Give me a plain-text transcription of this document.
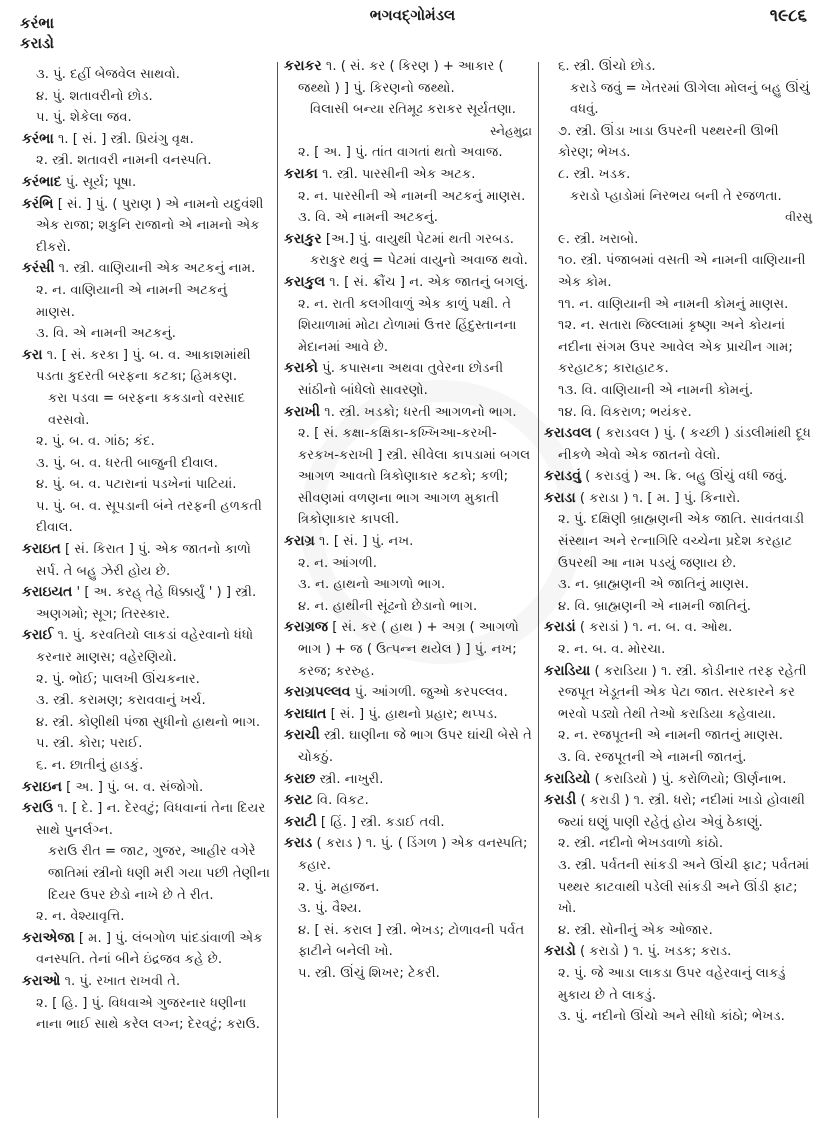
કરંભા
કરાડો
ભગવદ્ગોમંડલ	૧૯૮૬

૩. પું. દહીં બેજવેલ સાથવો.

૪. પું. શતાવરીનો છોડ.

૫. પું. શેકેલા જવ.

કરંભા ૧. [ સં. ] સ્ત્રી. પ્રિયંગુ વૃક્ષ.

૨. સ્ત્રી. શતાવરી નામની વનસ્પતિ.

કરંભાદ પું. સૂર્ય; પૂષા.

કરંભિ [ સં. ] પું. ( પુરાણ ) એ નામનો યદુવંશી એક રાજા; શકુનિ રાજાનો એ નામનો એક દીકરો.

કરંસી ૧. સ્ત્રી. વાણિયાની એક અટકનું નામ.

૨. ન. વાણિયાની એ નામની અટકનું માણસ.

૩. વિ. એ નામની અટકનું.

કરા ૧. [ સં. કરકા ] પું. બ. વ. આકાશમાંથી પડતા કુદરતી બરફના કટકા; હિમકણ.

કરા પડવા = બરફના કકડાનો વરસાદ વરસવો.

૨. પું. બ. વ. ગાંઠ; કંદ.

૩. પું. બ. વ. ધરતી બાજુની દીવાલ.

૪. પું. બ. વ. પટારાનાં પડખેનાં પાટિયાં.

૫. પું. બ. વ. સૂપડાની બંને તરફની હળકતી દીવાલ.

કરાઇત [ સં. કિરાત ] પું. એક જાતનો કાળો સર્પ. તે બહુ ઝેરી હોય છે.

કરાઇયત ' [ અ. કરહ્ તેહે ધિક્કાર્યું ' ) ] સ્ત્રી. અણગમો; સૂગ; તિરસ્કાર.

કરાઈ ૧. પું. કરવતિયો લાકડાં વહેરવાનો ધંધો કરનાર માણસ; વહેરણિયો.

૨. પું. ભોઈ; પાલખી ઊંચકનાર.

૩. સ્ત્રી. કરામણ; કરાવવાનું ખર્ચ.

૪. સ્ત્રી. કોણીથી પંજા સુધીનો હાથનો ભાગ.

૫. સ્ત્રી. કોરા; પરાઈ.

૬. ન. છાતીનું હાડકું.

કરાઇન [ અ. ] પું. બ. વ. સંજોગો.

કરાઉ ૧. [ દે. ] ન. દેરવટું; વિધવાનાં તેના દિયર સાથે પુનર્લગ્ન.

કરાઉ રીત = જાટ, ગુજર, આહીર વગેરે જાતિમાં સ્ત્રીનો ધણી મરી ગયા પછી તેણીના દિયર ઉપર છેડો નાખે છે તે રીત.

૨. ન. વેશ્યાવૃત્તિ.

કરાએજા [ મ. ] પું. લંબગોળ પાંદડાંવાળી એક વનસ્પતિ. તેનાં બીને ઇંદ્રજવ કહે છે.

કરાઓ ૧. પું. રખાત રાખવી તે.

૨. [ હિ. ] પું. વિધવાએ ગુજરનાર ધણીના નાના ભાઈ સાથે કરેલ લગ્ન; દેરવટું; કરાઉ.

કરાકર ૧. ( સં. કર ( કિરણ ) + આકાર ( જથ્થો ) ] પું. કિરણનો જથ્થો.

વિલાસી બન્યા રતિમૂઢ કરાકર સૂર્યતણા.

સ્નેહમુદ્રા

૨. [ અ. ] પું. તાંત વાગતાં થતો અવાજ.

કરાકા ૧. સ્ત્રી. પારસીની એક અટક.

૨. ન. પારસીની એ નામની અટકનું માણસ.

૩. વિ. એ નામની અટકનું.

કરાકુર [અ.] પું. વાયુથી પેટમાં થતી ગરબડ.

કરાકુર થવું = પેટમાં વાયુનો અવાજ થવો.

કરાકુલ ૧. [ સં. ક્રૌંચ ] ન. એક જાતનું બગલું.

૨. ન. રાતી કલગીવાળું એક કાળું પક્ષી. તે શિયાળામાં મોટા ટોળામાં ઉત્તર હિંદુસ્તાનના મેદાનમાં આવે છે.

કરાકો પું. કપાસના અથવા તુવેરના છોડની સાંઠીનો બાંધેલો સાવરણો.

કરાખી ૧. સ્ત્રી. ખડકો; ધરતી આગળનો ભાગ.

૨. [ સં. કક્ષા-કક્ષિકા-કખ્ખિઆ-કરખી-કરકખ-કરાખી ] સ્ત્રી. સીવેલા કાપડામાં બગલ આગળ આવતો ત્રિકોણાકાર કટકો; કળી; સીવણમાં વળણના ભાગ આગળ મુકાતી ત્રિકોણાકાર કાપલી.

કરાગ્ર ૧. [ સં. ] પું. નખ.

૨. ન. આંગળી.

૩. ન. હાથનો આગળો ભાગ.

૪. ન. હાથીની સૂંઢનો છેડાનો ભાગ.

કરાગ્રજ [ સં. કર ( હાથ ) + અગ્ર ( આગળો ભાગ ) + જ ( ઉત્પન્ન થયેલ ) ] પું. નખ; કરજ; કરરુહ.

કરાગ્રપલ્લવ પું. આંગળી. જુઓ કરપલ્લવ.

કરાઘાત [ સં. ] પું. હાથનો પ્રહાર; થપ્પડ.

કરાચી સ્ત્રી. ઘાણીના જે ભાગ ઉપર ઘાંચી બેસે તે ચોકઠું.

કરાછ સ્ત્રી. નાખુરી.

કરાટ વિ. વિકટ.

કરાટી [ હિં. ] સ્ત્રી. કડાઈ તવી.

કરાડ ( કરાડ ) ૧. પું. ( ડિંગળ ) એક વનસ્પતિ; કહાર.

૨. પું. મહાજન.

૩. પું. વૈશ્ય.

૪. [ સં. કરાલ ] સ્ત્રી. ભેખડ; ટોળાવની પર્વત ફાટીને બનેલી ખો.

૫. સ્ત્રી. ઊંચું શિખર; ટેકરી.

૬. સ્ત્રી. ઊંચો છોડ.

કરાડે જવું = ખેતરમાં ઊગેલા મોલનું બહુ ઊંચું વધવું.

૭. સ્ત્રી. ઊંડા ખાડા ઉપરની પથ્થરની ઊભી કોરણ; ભેખડ.

૮. સ્ત્રી. ખડક.

કરાડો પ્હાડોમાં નિરભય બની તે રજળતા.

વીરસુ

૯. સ્ત્રી. ખરાબો.

૧૦. સ્ત્રી. પંજાબમાં વસતી એ નામની વાણિયાની એક કોમ.

૧૧. ન. વાણિયાની એ નામની કોમનું માણસ.

૧૨. ન. સતારા જિલ્લામાં કૃષ્ણા અને કોયનાં નદીના સંગમ ઉપર આવેલ એક પ્રાચીન ગામ; કરહાટક; કારાહાટક.

૧૩. વિ. વાણિયાની એ નામની કોમનું.

૧૪. વિ. વિકરાળ; ભયંકર.

કરાડવલ ( કરાડવલ ) પું. ( કચ્છી ) ડાંડલીમાંથી દૂધ નીકળે એવો એક જાતનો વેલો.

કરાડવું ( કરાડવું ) અ. ક્રિ. બહુ ઊંચું વધી જવું.

કરાડા ( કરાડા ) ૧. [ મ. ] પું. કિનારો.

૨. પું. દક્ષિણી બ્રાહ્મણની એક જાતિ. સાવંતવાડી સંસ્થાન અને રત્નાગિરિ વચ્ચેના પ્રદેશ કરહાટ ઉપરથી આ નામ પડયું જણાય છે.

૩. ન. બ્રાહ્મણની એ જાતિનું માણસ.

૪. વિ. બ્રાહ્મણની એ નામની જાતિનું.

કરાડાં ( કરાડાં ) ૧. ન. બ. વ. ઓથ.

૨. ન. બ. વ. મોરચા.

કરાડિયા ( કરાડિયા ) ૧. સ્ત્રી. કોડીનાર તરફ રહેતી રજપૂત ખેડૂતની એક પેટા જાત. સરકારને કર ભરવો પડ્યો તેથી તેઓ કરાડિયા કહેવાયા.

૨. ન. રજપૂતની એ નામની જાતનું માણસ.

૩. વિ. રજપૂતની એ નામની જાતનું.

કરાડિયો ( કરાડિયો ) પું. કરોળિયો; ઊર્ણનાભ.

કરાડી ( કરાડી ) ૧. સ્ત્રી. ધરો; નદીમાં ખાડો હોવાથી જ્યાં ઘણું પાણી રહેતું હોય એવું ઠેકાણું.

૨. સ્ત્રી. નદીનો ભેખડવાળો કાંઠો.

૩. સ્ત્રી. પર્વતની સાંકડી અને ઊંચી ફાટ; પર્વતમાં પથ્થર કાટવાથી પડેલી સાંકડી અને ઊંડી ફાટ; ખો.

૪. સ્ત્રી. સોનીનું એક ઓજાર.

કરાડો ( કરાડો ) ૧. પું. ખડક; કરાડ.

૨. પું. જે આડા લાકડા ઉપર વહેરવાનું લાકડું મુકાય છે તે લાકડું.

૩. પું. નદીનો ઊંચો અને સીધો કાંઠો; ભેખડ.
